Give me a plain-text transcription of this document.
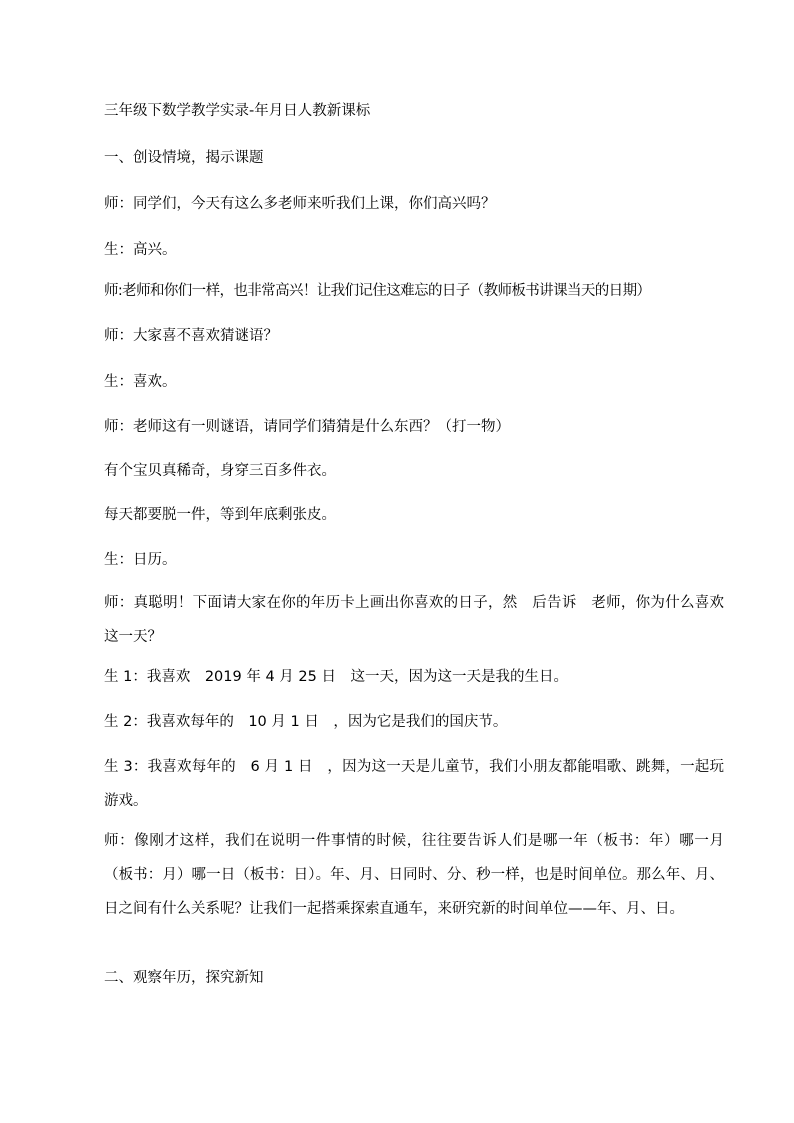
三年级下数学教学实录-年月日人教新课标
一、创设情境，揭示课题
师：同学们，今天有这么多老师来听我们上课，你们高兴吗？
生：高兴。
师:老师和你们一样，也非常高兴！让我们记住这难忘的日子（教师板书讲课当天的日期）
师：大家喜不喜欢猜谜语？
生：喜欢。
师：老师这有一则谜语，请同学们猜猜是什么东西？（打一物）
有个宝贝真稀奇，身穿三百多件衣。
每天都要脱一件，等到年底剩张皮。
生：日历。
师：真聪明！下面请大家在你的年历卡上画出你喜欢的日子，然　后告诉　老师，你为什么喜欢这一天？
生 1：我喜欢　2019 年 4 月 25 日　这一天，因为这一天是我的生日。
生 2：我喜欢每年的　10 月 1 日　，因为它是我们的国庆节。
生 3：我喜欢每年的　6 月 1 日　，因为这一天是儿童节，我们小朋友都能唱歌、跳舞，一起玩游戏。
师：像刚才这样，我们在说明一件事情的时候，往往要告诉人们是哪一年（板书：年）哪一月（板书：月）哪一日（板书：日）。年、月、日同时、分、秒一样，也是时间单位。那么年、月、日之间有什么关系呢？让我们一起搭乘探索直通车，来研究新的时间单位——年、月、日。
二、观察年历，探究新知
